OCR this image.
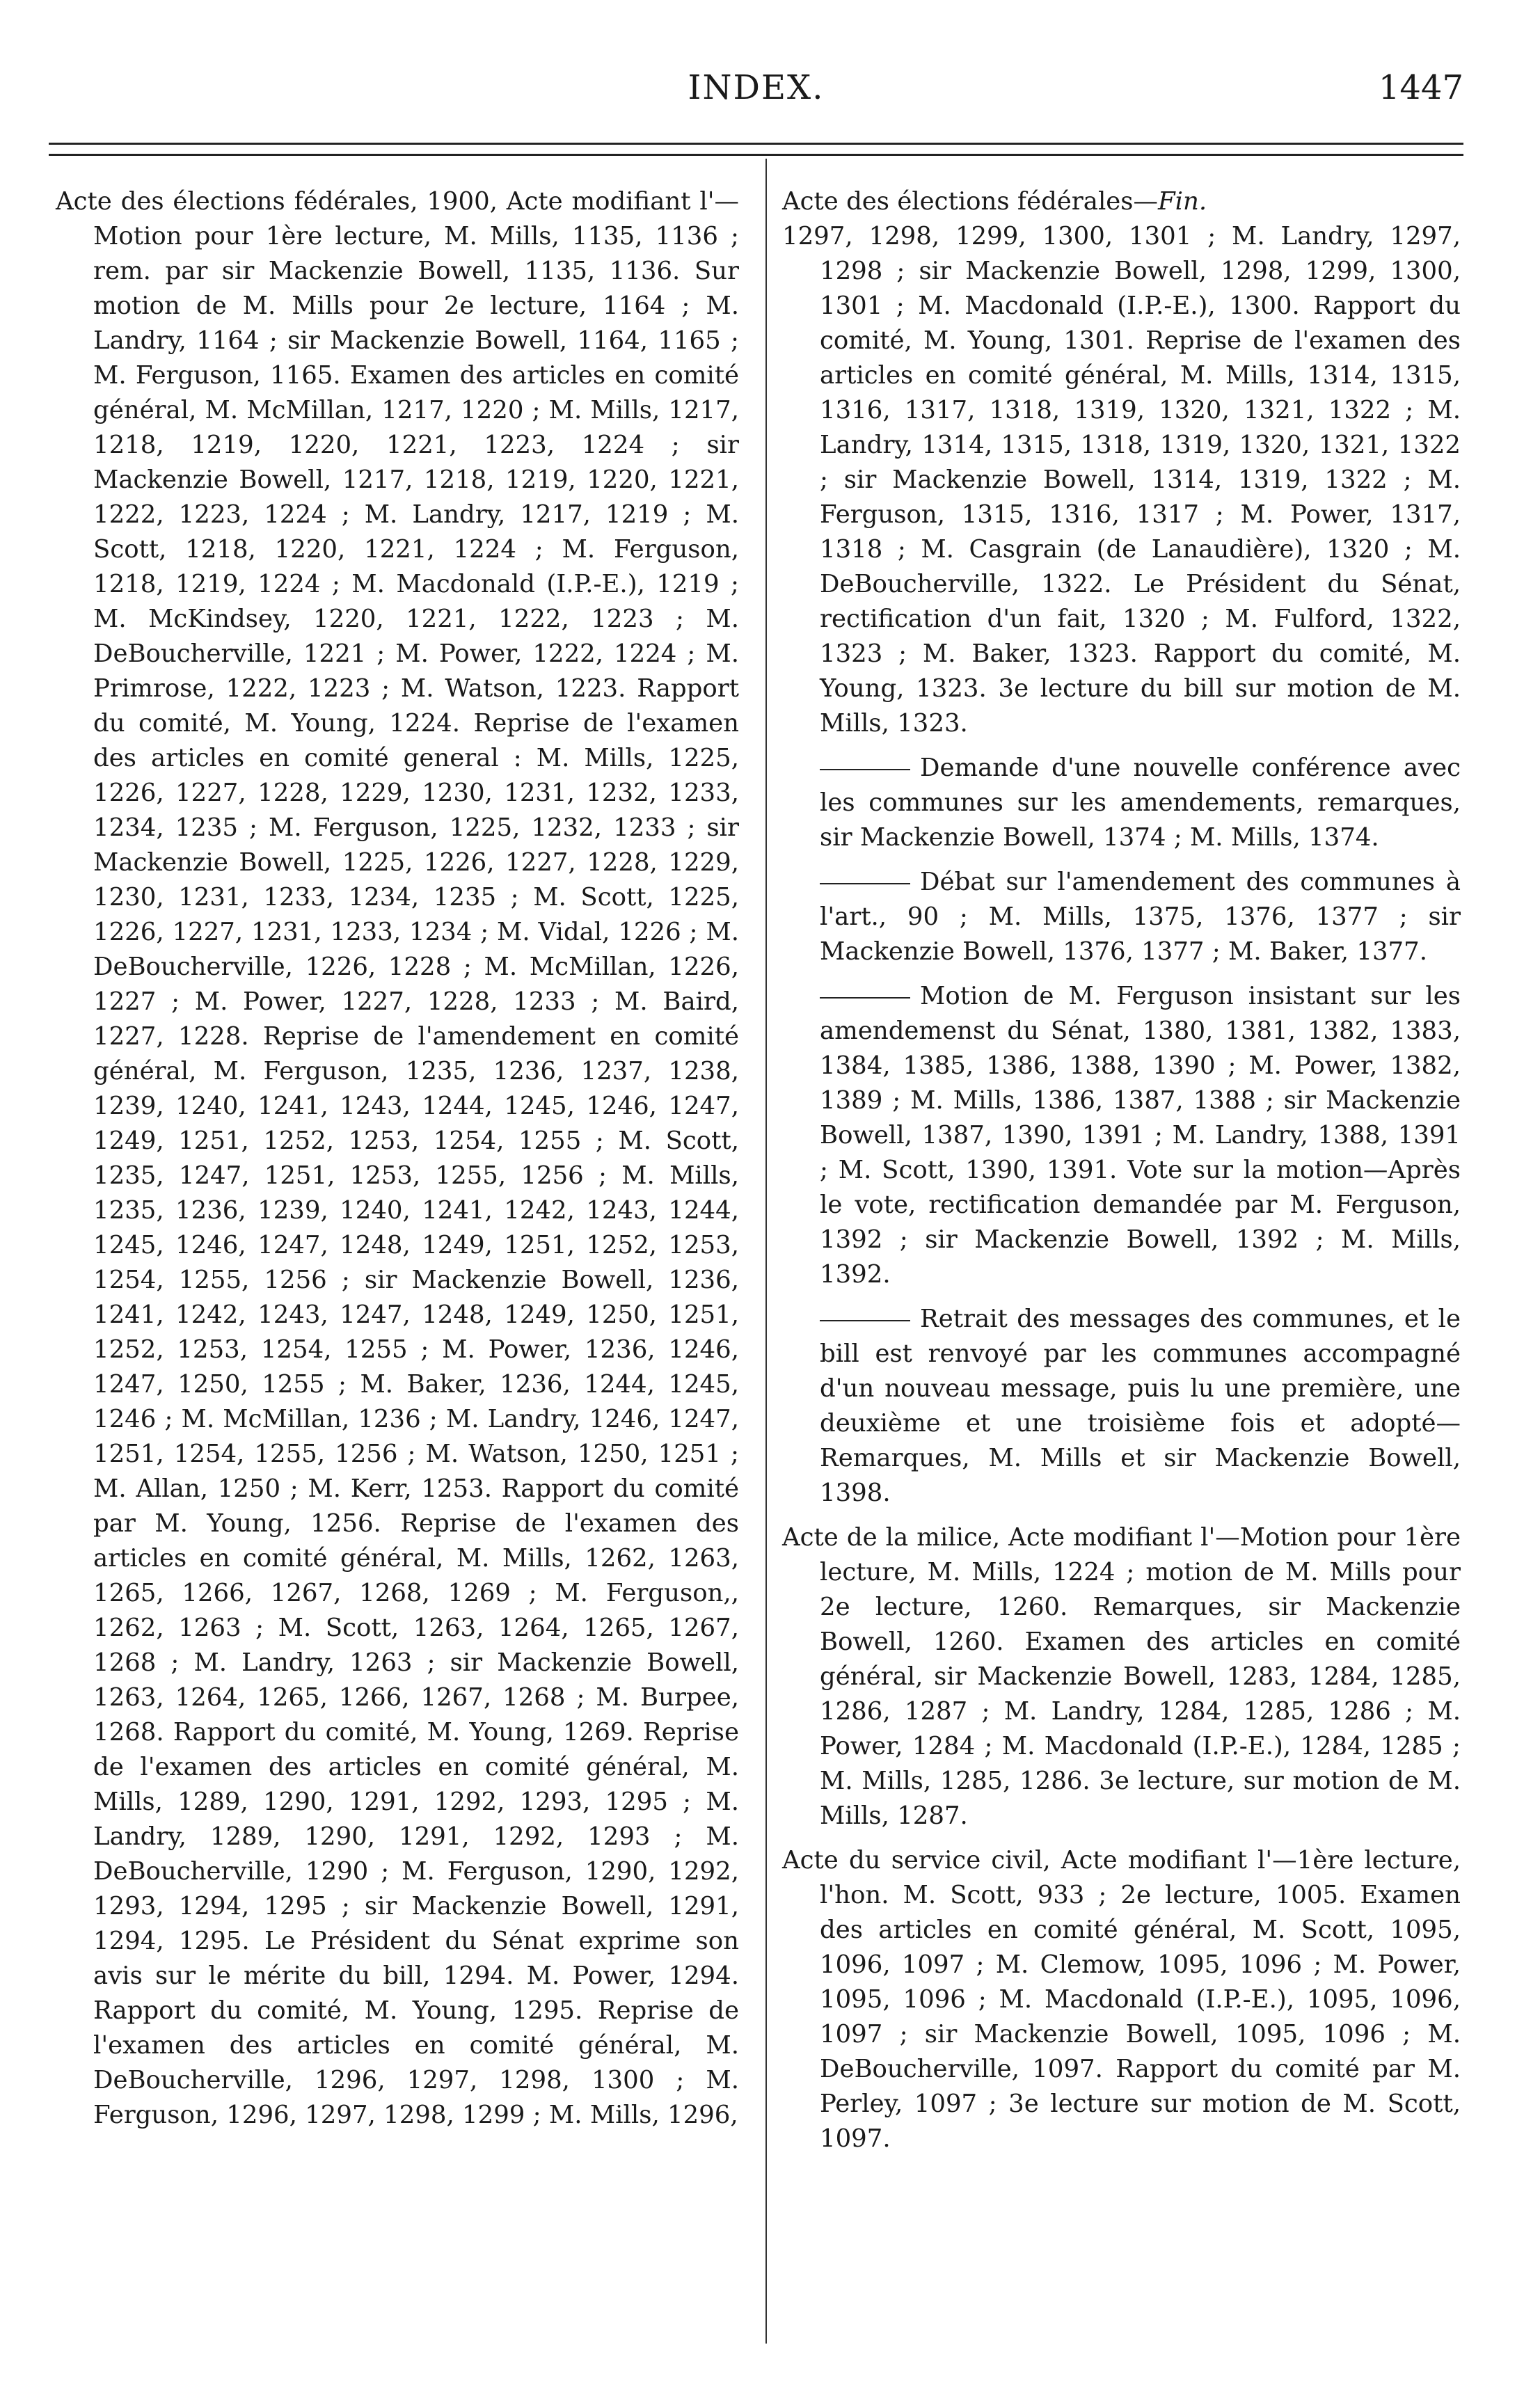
INDEX.	1447

Acte des élections fédérales, 1900, Acte modifiant l'—Motion pour 1ère lecture, M. Mills, 1135, 1136 ; rem. par sir Mackenzie Bowell, 1135, 1136. Sur motion de M. Mills pour 2e lecture, 1164 ; M. Landry, 1164 ; sir Mackenzie Bowell, 1164, 1165 ; M. Ferguson, 1165. Examen des articles en comité général, M. McMillan, 1217, 1220 ; M. Mills, 1217, 1218, 1219, 1220, 1221, 1223, 1224 ; sir Mackenzie Bowell, 1217, 1218, 1219, 1220, 1221, 1222, 1223, 1224 ; M. Landry, 1217, 1219 ; M. Scott, 1218, 1220, 1221, 1224 ; M. Ferguson, 1218, 1219, 1224 ; M. Macdonald (I.P.-E.), 1219 ; M. McKindsey, 1220, 1221, 1222, 1223 ; M. DeBoucherville, 1221 ; M. Power, 1222, 1224 ; M. Primrose, 1222, 1223 ; M. Watson, 1223. Rapport du comité, M. Young, 1224. Reprise de l'examen des articles en comité general : M. Mills, 1225, 1226, 1227, 1228, 1229, 1230, 1231, 1232, 1233, 1234, 1235 ; M. Ferguson, 1225, 1232, 1233 ; sir Mackenzie Bowell, 1225, 1226, 1227, 1228, 1229, 1230, 1231, 1233, 1234, 1235 ; M. Scott, 1225, 1226, 1227, 1231, 1233, 1234 ; M. Vidal, 1226 ; M. DeBoucherville, 1226, 1228 ; M. McMillan, 1226, 1227 ; M. Power, 1227, 1228, 1233 ; M. Baird, 1227, 1228. Reprise de l'amendement en comité général, M. Ferguson, 1235, 1236, 1237, 1238, 1239, 1240, 1241, 1243, 1244, 1245, 1246, 1247, 1249, 1251, 1252, 1253, 1254, 1255 ; M. Scott, 1235, 1247, 1251, 1253, 1255, 1256 ; M. Mills, 1235, 1236, 1239, 1240, 1241, 1242, 1243, 1244, 1245, 1246, 1247, 1248, 1249, 1251, 1252, 1253, 1254, 1255, 1256 ; sir Mackenzie Bowell, 1236, 1241, 1242, 1243, 1247, 1248, 1249, 1250, 1251, 1252, 1253, 1254, 1255 ; M. Power, 1236, 1246, 1247, 1250, 1255 ; M. Baker, 1236, 1244, 1245, 1246 ; M. McMillan, 1236 ; M. Landry, 1246, 1247, 1251, 1254, 1255, 1256 ; M. Watson, 1250, 1251 ; M. Allan, 1250 ; M. Kerr, 1253. Rapport du comité par M. Young, 1256. Reprise de l'examen des articles en comité général, M. Mills, 1262, 1263, 1265, 1266, 1267, 1268, 1269 ; M. Ferguson,, 1262, 1263 ; M. Scott, 1263, 1264, 1265, 1267, 1268 ; M. Landry, 1263 ; sir Mackenzie Bowell, 1263, 1264, 1265, 1266, 1267, 1268 ; M. Burpee, 1268. Rapport du comité, M. Young, 1269. Reprise de l'examen des articles en comité général, M. Mills, 1289, 1290, 1291, 1292, 1293, 1295 ; M. Landry, 1289, 1290, 1291, 1292, 1293 ; M. DeBoucherville, 1290 ; M. Ferguson, 1290, 1292, 1293, 1294, 1295 ; sir Mackenzie Bowell, 1291, 1294, 1295. Le Président du Sénat exprime son avis sur le mérite du bill, 1294. M. Power, 1294. Rapport du comité, M. Young, 1295. Reprise de l'examen des articles en comité général, M. DeBoucherville, 1296, 1297, 1298, 1300 ; M. Ferguson, 1296, 1297, 1298, 1299 ; M. Mills, 1296,

Acte des élections fédérales—Fin.
1297, 1298, 1299, 1300, 1301 ; M. Landry, 1297, 1298 ; sir Mackenzie Bowell, 1298, 1299, 1300, 1301 ; M. Macdonald (I.P.-E.), 1300. Rapport du comité, M. Young, 1301. Reprise de l'examen des articles en comité général, M. Mills, 1314, 1315, 1316, 1317, 1318, 1319, 1320, 1321, 1322 ; M. Landry, 1314, 1315, 1318, 1319, 1320, 1321, 1322 ; sir Mackenzie Bowell, 1314, 1319, 1322 ; M. Ferguson, 1315, 1316, 1317 ; M. Power, 1317, 1318 ; M. Casgrain (de Lanaudière), 1320 ; M. DeBoucherville, 1322. Le Président du Sénat, rectification d'un fait, 1320 ; M. Fulford, 1322, 1323 ; M. Baker, 1323. Rapport du comité, M. Young, 1323. 3e lecture du bill sur motion de M. Mills, 1323.

Demande d'une nouvelle conférence avec les communes sur les amendements, remarques, sir Mackenzie Bowell, 1374 ; M. Mills, 1374.

Débat sur l'amendement des communes à l'art., 90 ; M. Mills, 1375, 1376, 1377 ; sir Mackenzie Bowell, 1376, 1377 ; M. Baker, 1377.

Motion de M. Ferguson insistant sur les amendemenst du Sénat, 1380, 1381, 1382, 1383, 1384, 1385, 1386, 1388, 1390 ; M. Power, 1382, 1389 ; M. Mills, 1386, 1387, 1388 ; sir Mackenzie Bowell, 1387, 1390, 1391 ; M. Landry, 1388, 1391 ; M. Scott, 1390, 1391. Vote sur la motion—Après le vote, rectification demandée par M. Ferguson, 1392 ; sir Mackenzie Bowell, 1392 ; M. Mills, 1392.

Retrait des messages des communes, et le bill est renvoyé par les communes accompagné d'un nouveau message, puis lu une première, une deuxième et une troisième fois et adopté—Remarques, M. Mills et sir Mackenzie Bowell, 1398.

Acte de la milice, Acte modifiant l'—Motion pour 1ère lecture, M. Mills, 1224 ; motion de M. Mills pour 2e lecture, 1260. Remarques, sir Mackenzie Bowell, 1260. Examen des articles en comité général, sir Mackenzie Bowell, 1283, 1284, 1285, 1286, 1287 ; M. Landry, 1284, 1285, 1286 ; M. Power, 1284 ; M. Macdonald (I.P.-E.), 1284, 1285 ; M. Mills, 1285, 1286. 3e lecture, sur motion de M. Mills, 1287.

Acte du service civil, Acte modifiant l'—1ère lecture, l'hon. M. Scott, 933 ; 2e lecture, 1005. Examen des articles en comité général, M. Scott, 1095, 1096, 1097 ; M. Clemow, 1095, 1096 ; M. Power, 1095, 1096 ; M. Macdonald (I.P.-E.), 1095, 1096, 1097 ; sir Mackenzie Bowell, 1095, 1096 ; M. DeBoucherville, 1097. Rapport du comité par M. Perley, 1097 ; 3e lecture sur motion de M. Scott, 1097.
